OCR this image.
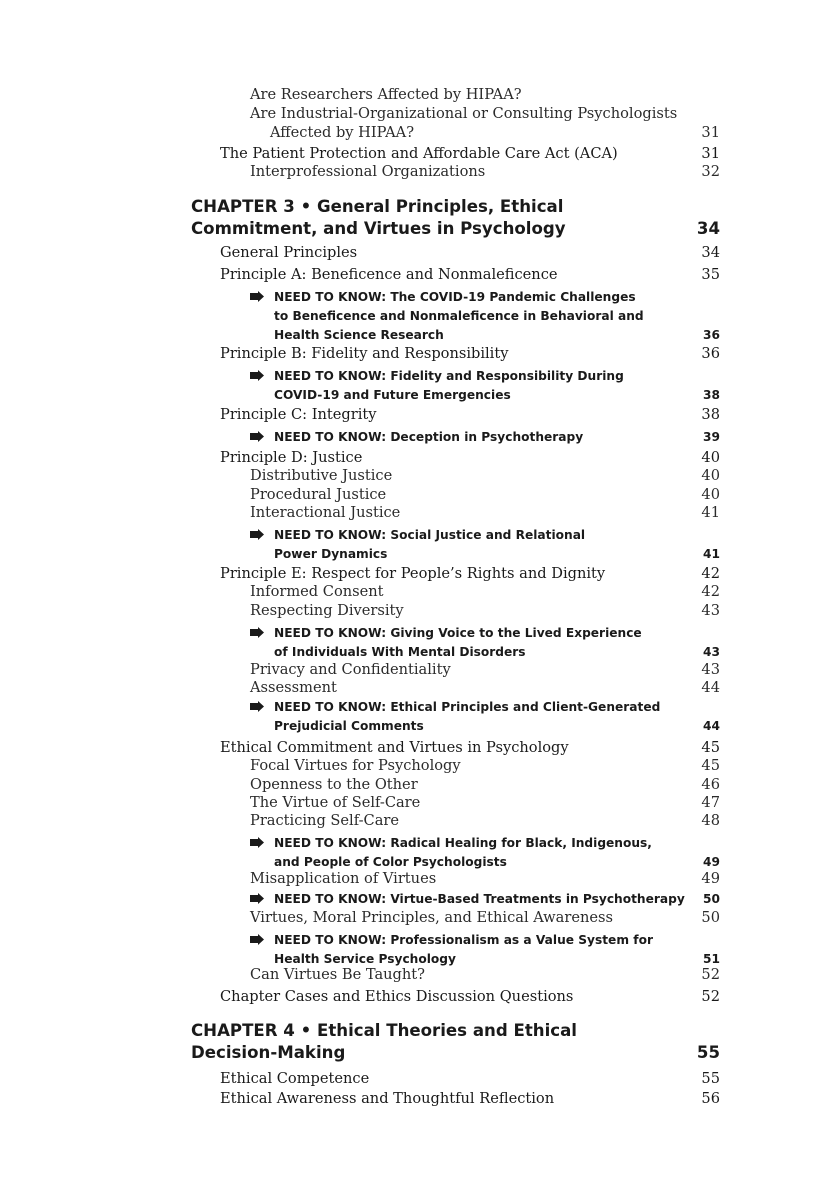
Are Researchers Affected by HIPAA?
Are Industrial-Organizational or Consulting Psychologists
Affected by HIPAA?	31
The Patient Protection and Affordable Care Act (ACA)	31
Interprofessional Organizations	32
CHAPTER 3 • General Principles, Ethical
Commitment, and Virtues in Psychology	34
General Principles	34
Principle A: Beneficence and Nonmaleficence	35
NEED TO KNOW: The COVID-19 Pandemic Challenges
to Beneficence and Nonmaleficence in Behavioral and
Health Science Research	36
Principle B: Fidelity and Responsibility	36
NEED TO KNOW: Fidelity and Responsibility During
COVID-19 and Future Emergencies	38
Principle C: Integrity	38
NEED TO KNOW: Deception in Psychotherapy	39
Principle D: Justice	40
Distributive Justice	40
Procedural Justice	40
Interactional Justice	41
NEED TO KNOW: Social Justice and Relational
Power Dynamics	41
Principle E: Respect for People’s Rights and Dignity	42
Informed Consent	42
Respecting Diversity	43
NEED TO KNOW: Giving Voice to the Lived Experience
of Individuals With Mental Disorders	43
Privacy and Confidentiality	43
Assessment	44
NEED TO KNOW: Ethical Principles and Client-Generated
Prejudicial Comments	44
Ethical Commitment and Virtues in Psychology	45
Focal Virtues for Psychology	45
Openness to the Other	46
The Virtue of Self-Care	47
Practicing Self-Care	48
NEED TO KNOW: Radical Healing for Black, Indigenous,
and People of Color Psychologists	49
Misapplication of Virtues	49
NEED TO KNOW: Virtue-Based Treatments in Psychotherapy	50
Virtues, Moral Principles, and Ethical Awareness	50
NEED TO KNOW: Professionalism as a Value System for
Health Service Psychology	51
Can Virtues Be Taught?	52
Chapter Cases and Ethics Discussion Questions	52
CHAPTER 4 • Ethical Theories and Ethical
Decision-Making	55
Ethical Competence	55
Ethical Awareness and Thoughtful Reflection	56
